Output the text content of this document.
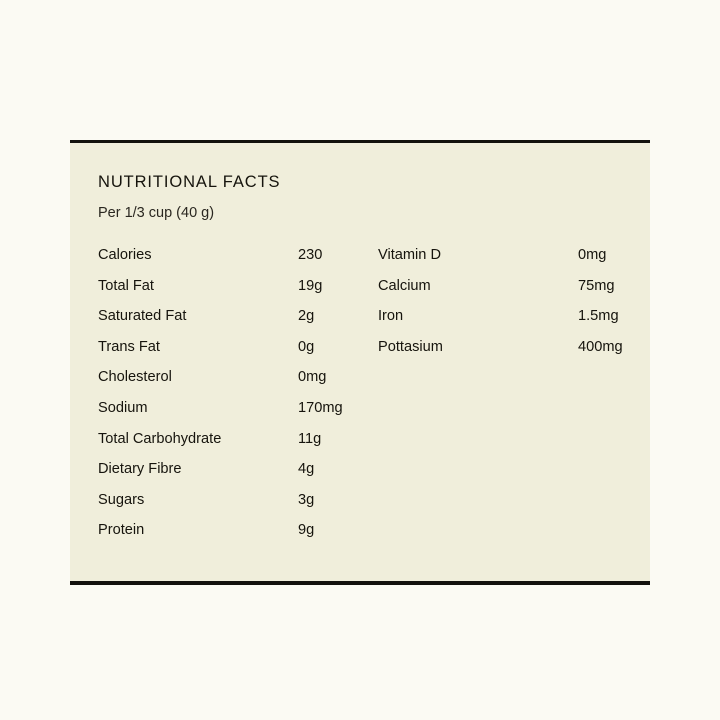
NUTRITIONAL FACTS
Per 1/3 cup (40 g)
Calories	230
Total Fat	19g
Saturated Fat	2g
Trans Fat	0g
Cholesterol	0mg
Sodium	170mg
Total Carbohydrate	11g
Dietary Fibre	4g
Sugars	3g
Protein	9g
Vitamin D	0mg
Calcium	75mg
Iron	1.5mg
Pottasium	400mg
